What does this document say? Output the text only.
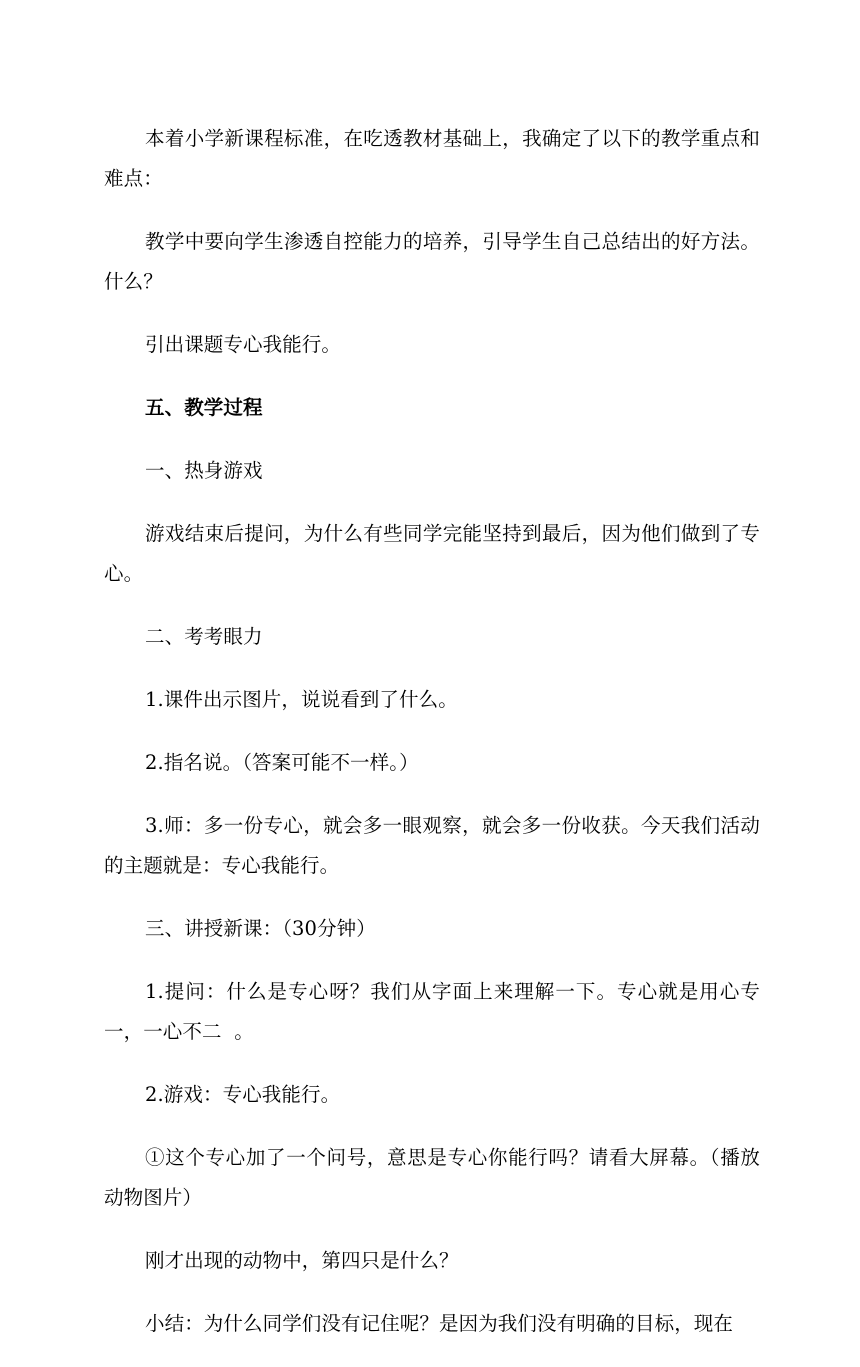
本着小学新课程标准，在吃透教材基础上，我确定了以下的教学重点和难点：

教学中要向学生渗透自控能力的培养，引导学生自己总结出的好方法。什么？

引出课题专心我能行。

五、教学过程

一、热身游戏

游戏结束后提问，为什么有些同学完能坚持到最后，因为他们做到了专心。

二、考考眼力

1.课件出示图片，说说看到了什么。

2.指名说。（答案可能不一样。）

3.师：多一份专心，就会多一眼观察，就会多一份收获。今天我们活动的主题就是：专心我能行。

三、讲授新课：（30分钟）

1.提问：什么是专心呀？我们从字面上来理解一下。专心就是用心专一，一心不二  。

2.游戏：专心我能行。

①这个专心加了一个问号，意思是专心你能行吗？请看大屏幕。（播放动物图片）

刚才出现的动物中，第四只是什么？

小结：为什么同学们没有记住呢？是因为我们没有明确的目标，现在
